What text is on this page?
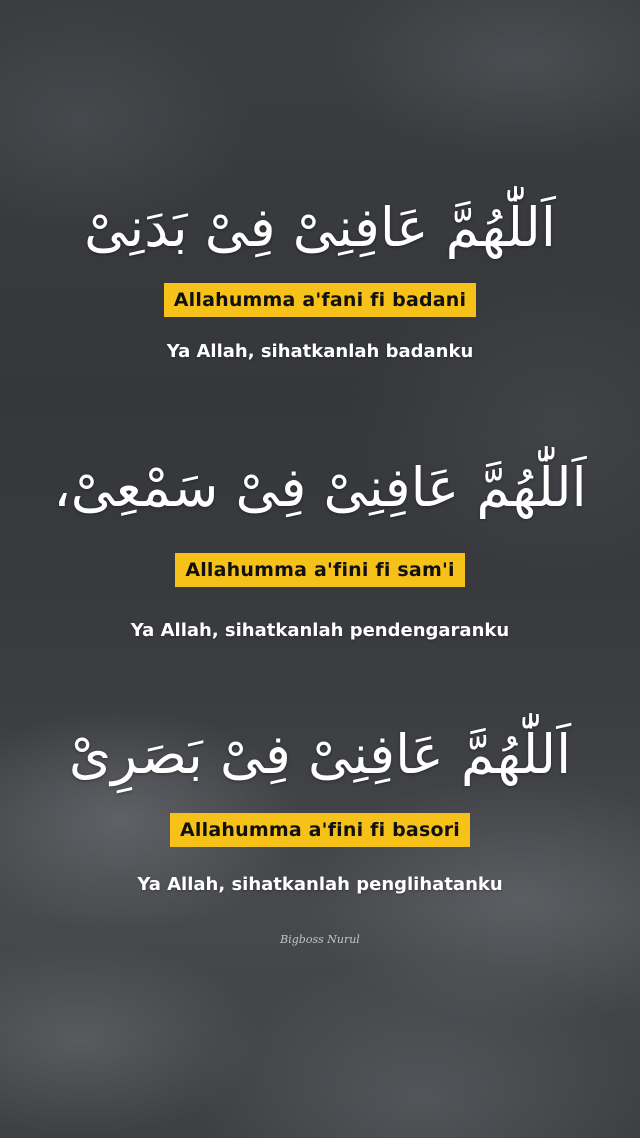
اَللّٰهُمَّ عَافِنِىْ فِىْ بَدَنِىْ
Allahumma a'fani fi badani
Ya Allah, sihatkanlah badanku
اَللّٰهُمَّ عَافِنِىْ فِىْ سَمْعِىْ،
Allahumma a'fini fi sam'i
Ya Allah, sihatkanlah pendengaranku
اَللّٰهُمَّ عَافِنِىْ فِىْ بَصَرِىْ
Allahumma a'fini fi basori
Ya Allah, sihatkanlah penglihatanku
Bigboss Nurul
